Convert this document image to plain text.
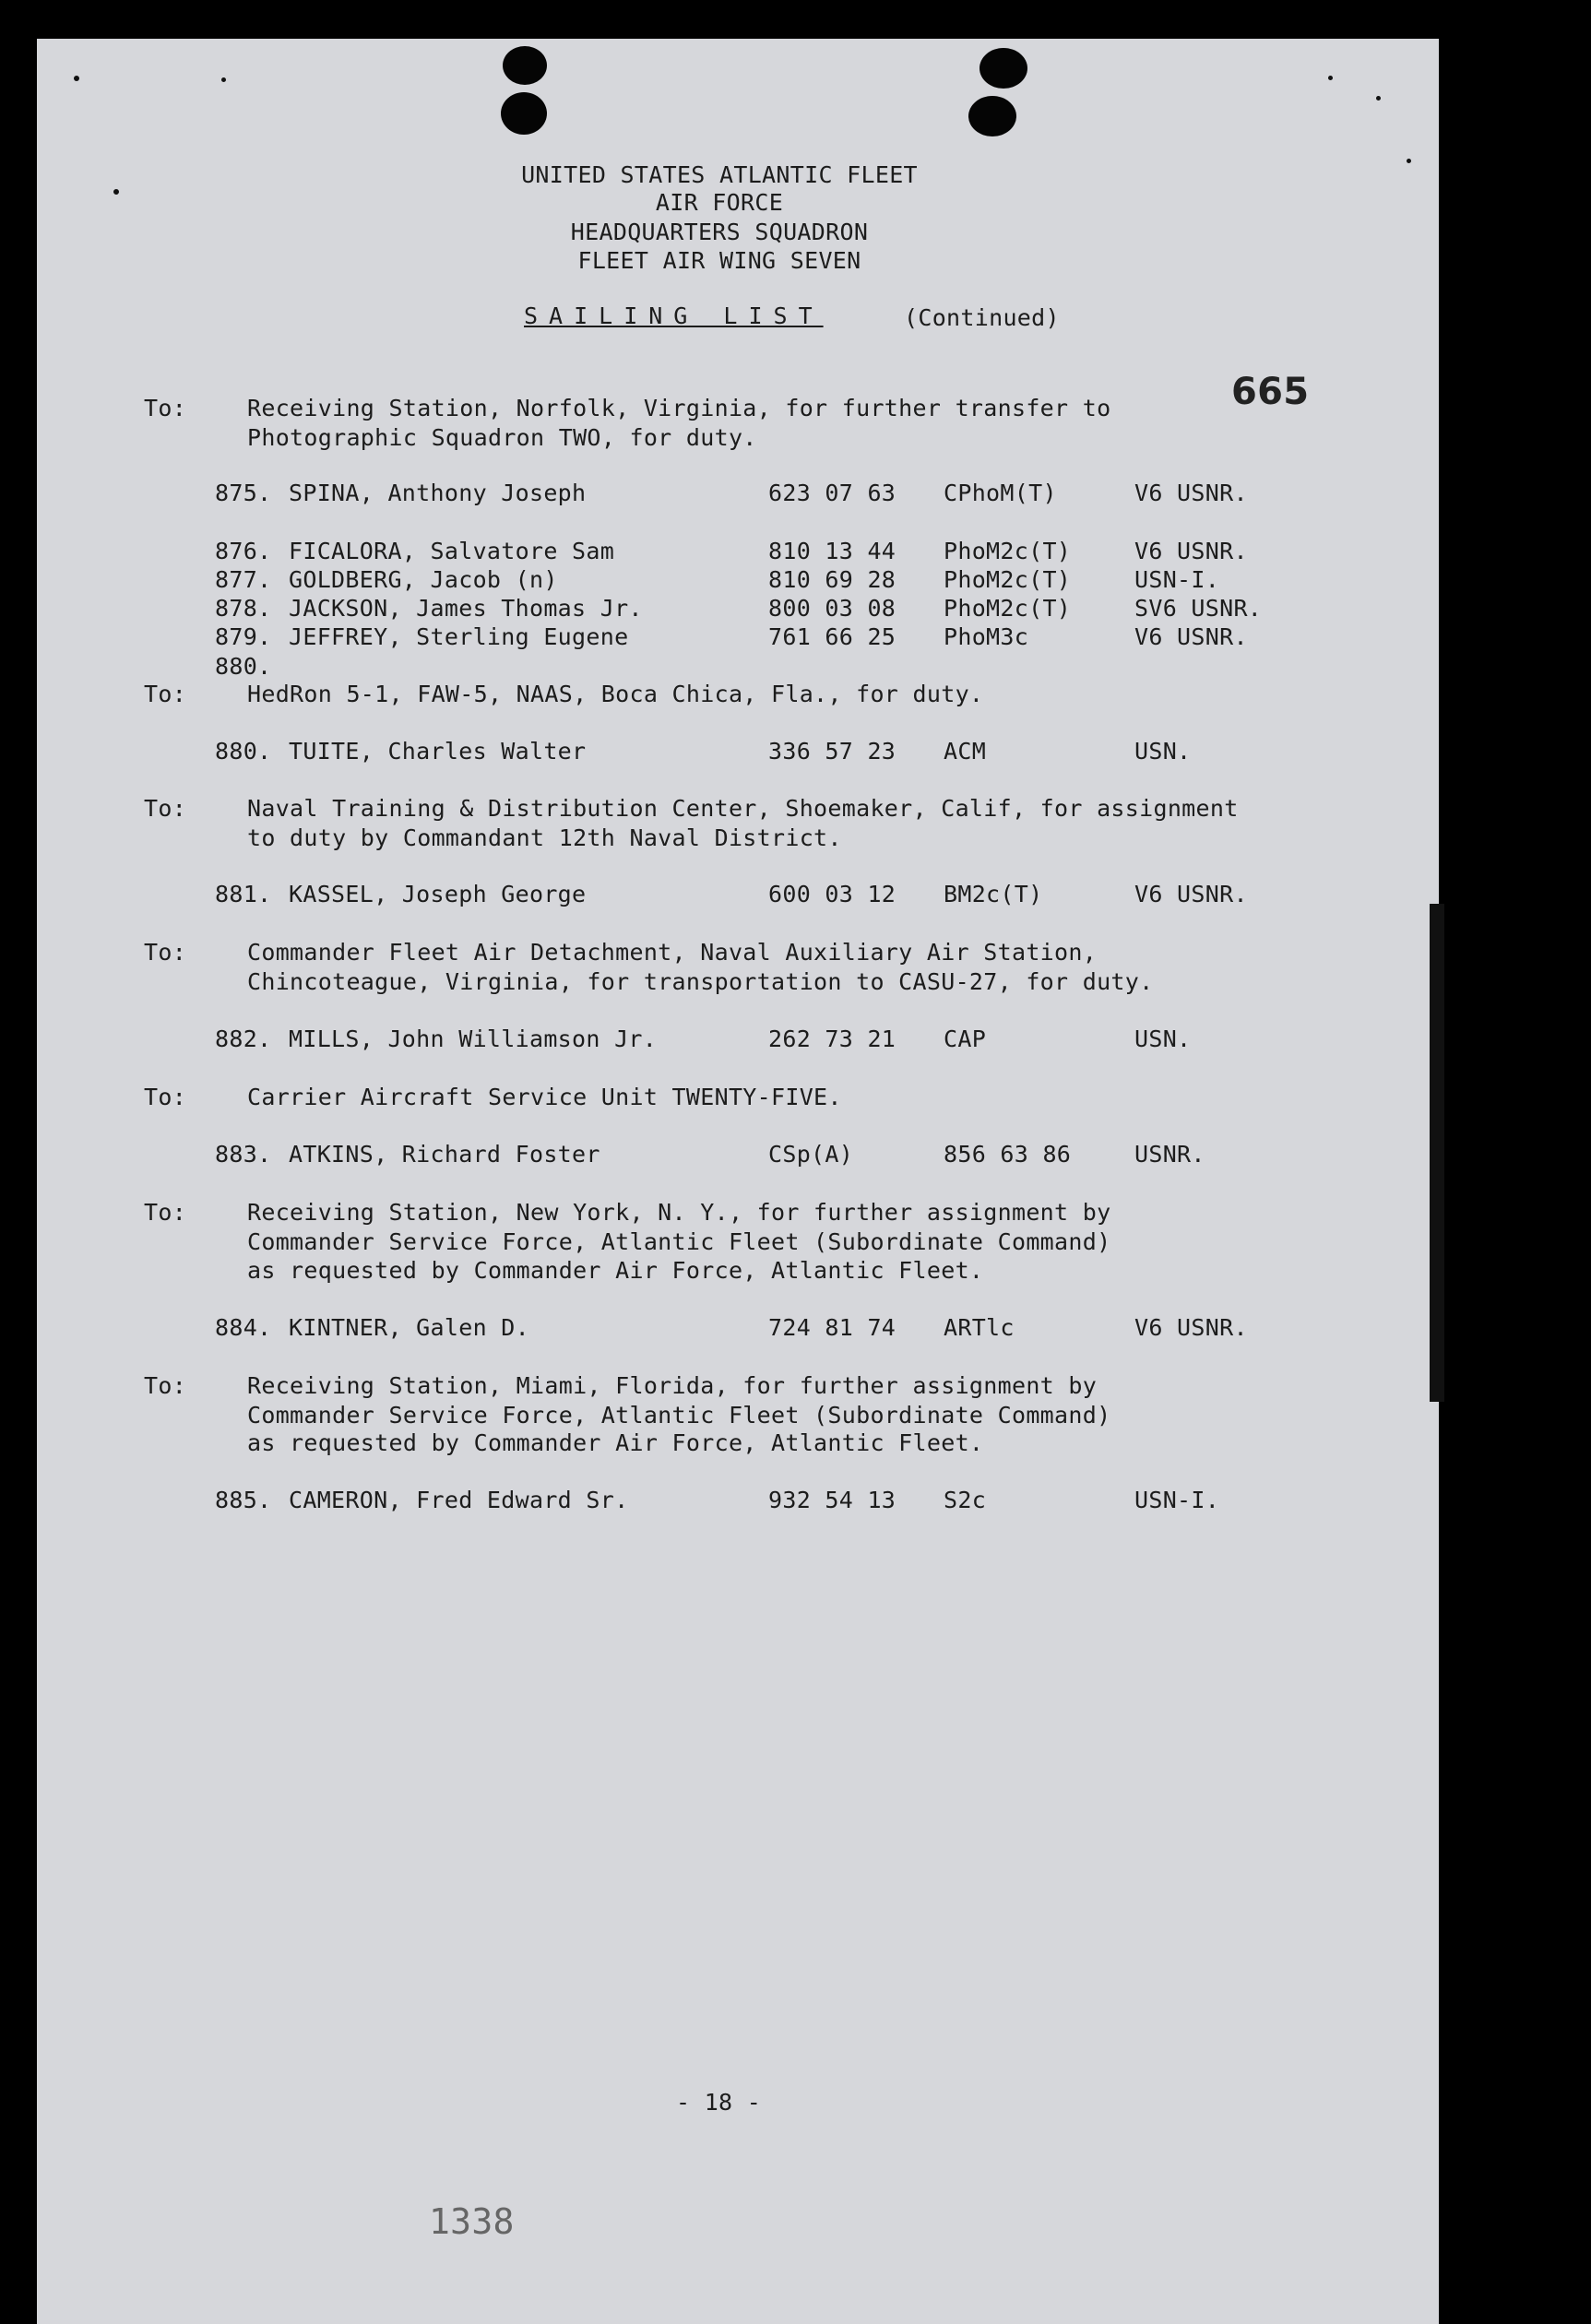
UNITED STATES ATLANTIC FLEET
AIR FORCE
HEADQUARTERS SQUADRON
FLEET AIR WING SEVEN
SAILING LIST	(Continued)
665
To:	Receiving Station, Norfolk, Virginia, for further transfer to
Photographic Squadron TWO, for duty.
875. SPINA, Anthony Joseph	623 07 63 CPhoM(T)	V6 USNR.
876. FICALORA, Salvatore Sam	810 13 44 PhoM2c(T)	V6 USNR.
877. GOLDBERG, Jacob (n)	810 69 28 PhoM2c(T)	USN-I.
878. JACKSON, James Thomas Jr.	800 03 08 PhoM2c(T)	SV6 USNR.
879. JEFFREY, Sterling Eugene	761 66 25 PhoM3c	V6 USNR.
880.
To:	HedRon 5-1, FAW-5, NAAS, Boca Chica, Fla., for duty.
880. TUITE, Charles Walter	336 57 23 ACM	USN.
To:	Naval Training & Distribution Center, Shoemaker, Calif, for assignment
to duty by Commandant 12th Naval District.
881. KASSEL, Joseph George	600 03 12 BM2c(T)	V6 USNR.
To:	Commander Fleet Air Detachment, Naval Auxiliary Air Station,
Chincoteague, Virginia, for transportation to CASU-27, for duty.
882. MILLS, John Williamson Jr.	262 73 21 CAP	USN.
To:	Carrier Aircraft Service Unit TWENTY-FIVE.
883. ATKINS, Richard Foster	CSp(A)	856 63 86	USNR.
To:	Receiving Station, New York, N. Y., for further assignment by
Commander Service Force, Atlantic Fleet (Subordinate Command)
as requested by Commander Air Force, Atlantic Fleet.
884. KINTNER, Galen D.	724 81 74 ARTlc	V6 USNR.
To:	Receiving Station, Miami, Florida, for further assignment by
Commander Service Force, Atlantic Fleet (Subordinate Command)
as requested by Commander Air Force, Atlantic Fleet.
885. CAMERON, Fred Edward Sr.	932 54 13 S2c	USN-I.
- 18 -
1338
